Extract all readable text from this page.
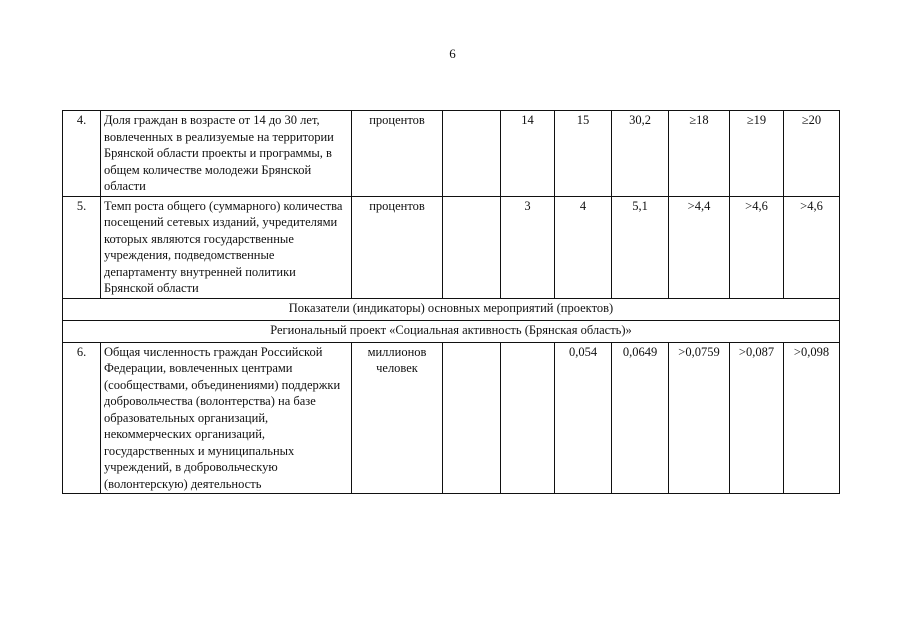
6
4.	Доля граждан в возрасте от 14 до 30 лет, вовлеченных в реализуемые на территории Брянской области проекты и программы, в общем количестве молодежи Брянской области	процентов		14	15	30,2	≥18	≥19	≥20
5.	Темп роста общего (суммарного) количества посещений сетевых изданий, учредителями которых являются государственные учреждения, подведомственные департаменту внутренней политики Брянской области	процентов		3	4	5,1	>4,4	>4,6	>4,6
Показатели (индикаторы) основных мероприятий (проектов)									
Региональный проект «Социальная активность (Брянская область)»									
6.	Общая численность граждан Российской Федерации, вовлеченных центрами (сообществами, объединениями) поддержки добровольчества (волонтерства) на базе образовательных организаций, некоммерческих организаций, государственных и муниципальных учреждений, в добровольческую (волонтерскую) деятельность	миллионов человек			0,054	0,0649	>0,0759	>0,087	>0,098
